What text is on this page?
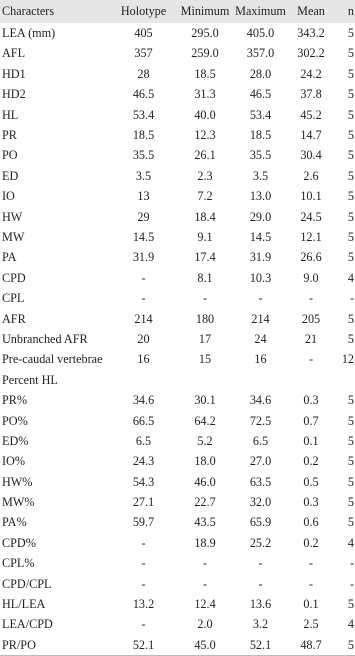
Characters	Holotype	Minimum	Maximum	Mean	n
LEA (mm)	405	295.0	405.0	343.2	5
AFL	357	259.0	357.0	302.2	5
HD1	28	18.5	28.0	24.2	5
HD2	46.5	31.3	46.5	37.8	5
HL	53.4	40.0	53.4	45.2	5
PR	18.5	12.3	18.5	14.7	5
PO	35.5	26.1	35.5	30.4	5
ED	3.5	2.3	3.5	2.6	5
IO	13	7.2	13.0	10.1	5
HW	29	18.4	29.0	24.5	5
MW	14.5	9.1	14.5	12.1	5
PA	31.9	17.4	31.9	26.6	5
CPD	-	8.1	10.3	9.0	4
CPL	-	-	-	-	-
AFR	214	180	214	205	5
Unbranched AFR	20	17	24	21	5
Pre-caudal vertebrae	16	15	16	-	12
Percent HL					
PR%	34.6	30.1	34.6	0.3	5
PO%	66.5	64.2	72.5	0.7	5
ED%	6.5	5.2	6.5	0.1	5
IO%	24.3	18.0	27.0	0.2	5
HW%	54.3	46.0	63.5	0.5	5
MW%	27.1	22.7	32.0	0.3	5
PA%	59.7	43.5	65.9	0.6	5
CPD%	-	18.9	25.2	0.2	4
CPL%	-	-	-	-	-
CPD/CPL	-	-	-	-	-
HL/LEA	13.2	12.4	13.6	0.1	5
LEA/CPD	-	2.0	3.2	2.5	4
PR/PO	52.1	45.0	52.1	48.7	5
